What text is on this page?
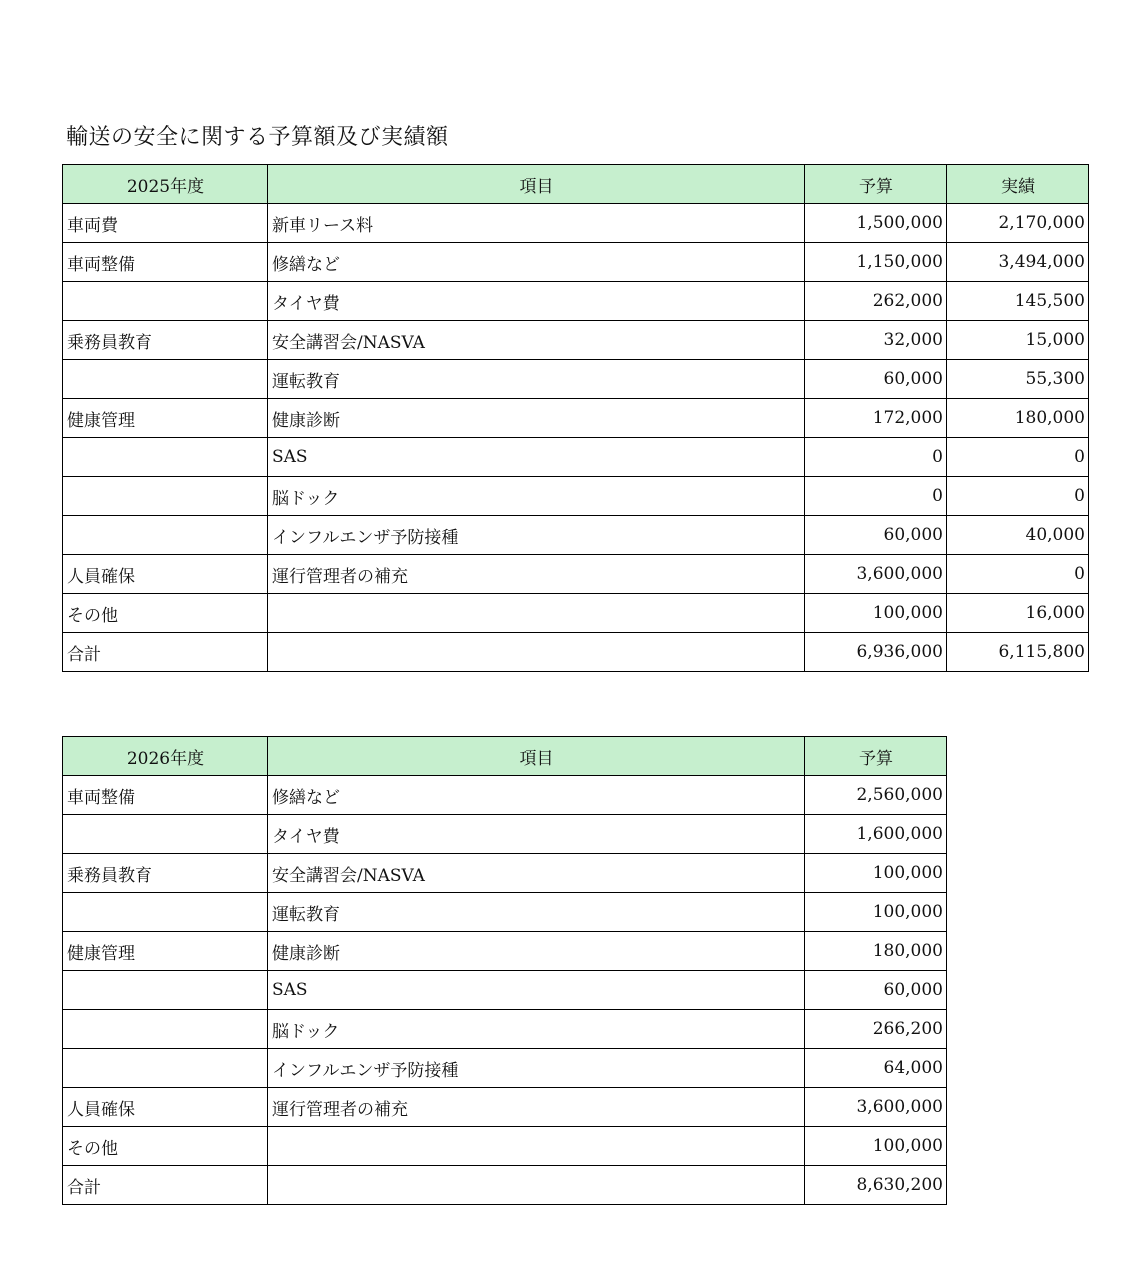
輸送の安全に関する予算額及び実績額
2025年度	項目	予算	実績
車両費	新車リース料	1,500,000	2,170,000
車両整備	修繕など	1,150,000	3,494,000
	タイヤ費	262,000	145,500
乗務員教育	安全講習会/NASVA	32,000	15,000
	運転教育	60,000	55,300
健康管理	健康診断	172,000	180,000
	SAS	0	0
	脳ドック	0	0
	インフルエンザ予防接種	60,000	40,000
人員確保	運行管理者の補充	3,600,000	0
その他		100,000	16,000
合計		6,936,000	6,115,800
2026年度	項目	予算
車両整備	修繕など	2,560,000
	タイヤ費	1,600,000
乗務員教育	安全講習会/NASVA	100,000
	運転教育	100,000
健康管理	健康診断	180,000
	SAS	60,000
	脳ドック	266,200
	インフルエンザ予防接種	64,000
人員確保	運行管理者の補充	3,600,000
その他		100,000
合計		8,630,200
